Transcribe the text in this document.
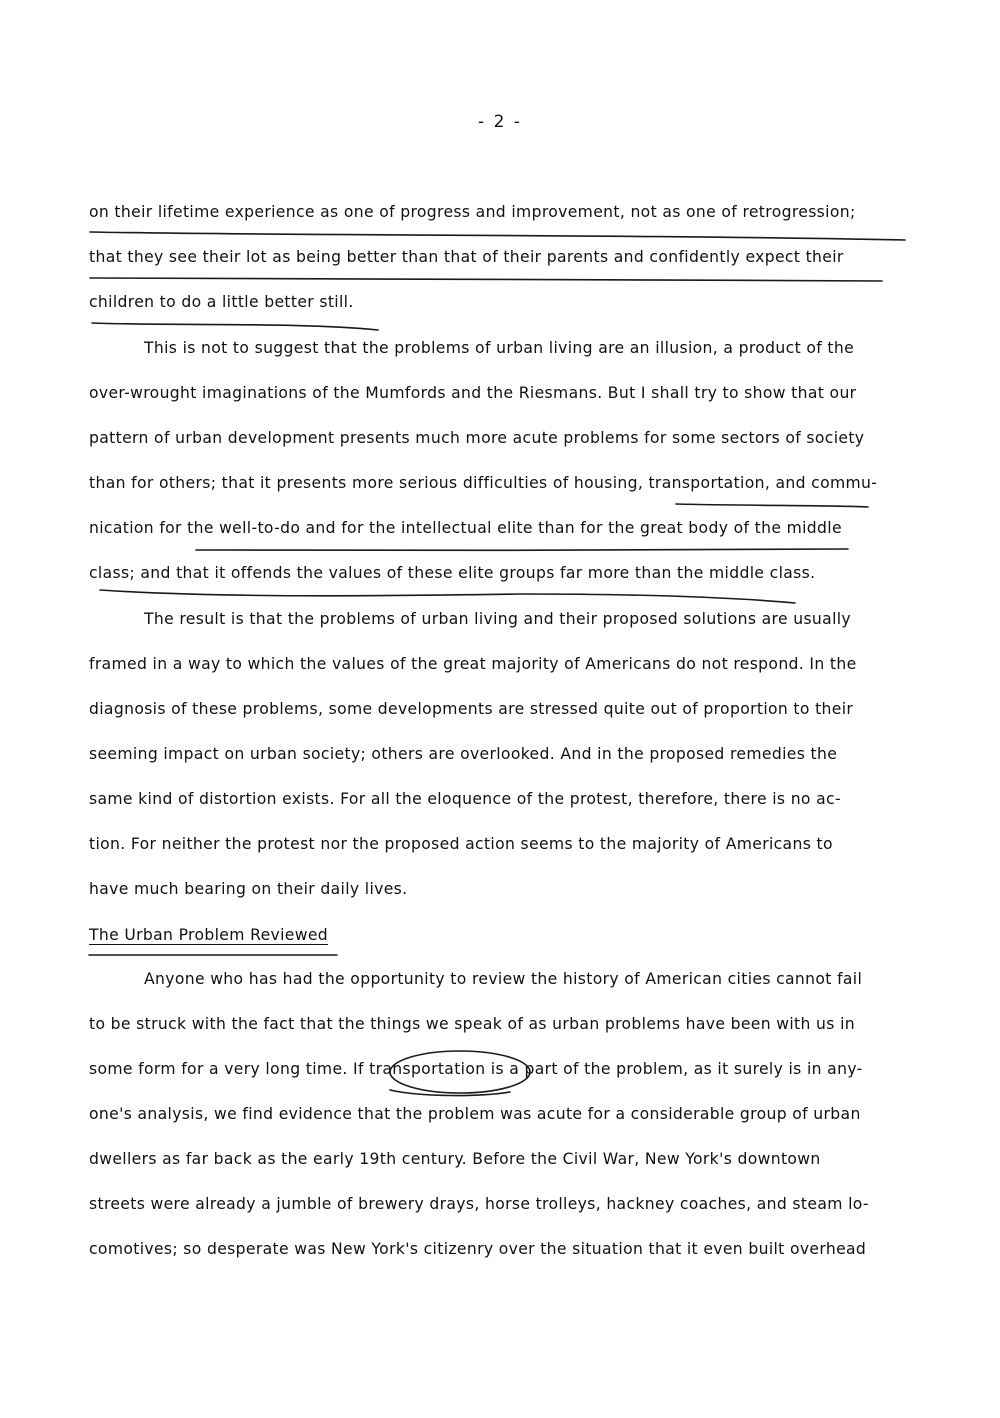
- 2 -
on their lifetime experience as one of progress and improvement, not as one of retrogression;
that they see their lot as being better than that of their parents and confidently expect their
children to do a little better still.
This is not to suggest that the problems of urban living are an illusion, a product of the
over-wrought imaginations of the Mumfords and the Riesmans. But I shall try to show that our
pattern of urban development presents much more acute problems for some sectors of society
than for others; that it presents more serious difficulties of housing, transportation, and commu-
nication for the well-to-do and for the intellectual elite than for the great body of the middle
class; and that it offends the values of these elite groups far more than the middle class.
The result is that the problems of urban living and their proposed solutions are usually
framed in a way to which the values of the great majority of Americans do not respond. In the
diagnosis of these problems, some developments are stressed quite out of proportion to their
seeming impact on urban society; others are overlooked. And in the proposed remedies the
same kind of distortion exists. For all the eloquence of the protest, therefore, there is no ac-
tion. For neither the protest nor the proposed action seems to the majority of Americans to
have much bearing on their daily lives.
The Urban Problem Reviewed
Anyone who has had the opportunity to review the history of American cities cannot fail
to be struck with the fact that the things we speak of as urban problems have been with us in
some form for a very long time. If transportation is a part of the problem, as it surely is in any-
one's analysis, we find evidence that the problem was acute for a considerable group of urban
dwellers as far back as the early 19th century. Before the Civil War, New York's downtown
streets were already a jumble of brewery drays, horse trolleys, hackney coaches, and steam lo-
comotives; so desperate was New York's citizenry over the situation that it even built overhead
